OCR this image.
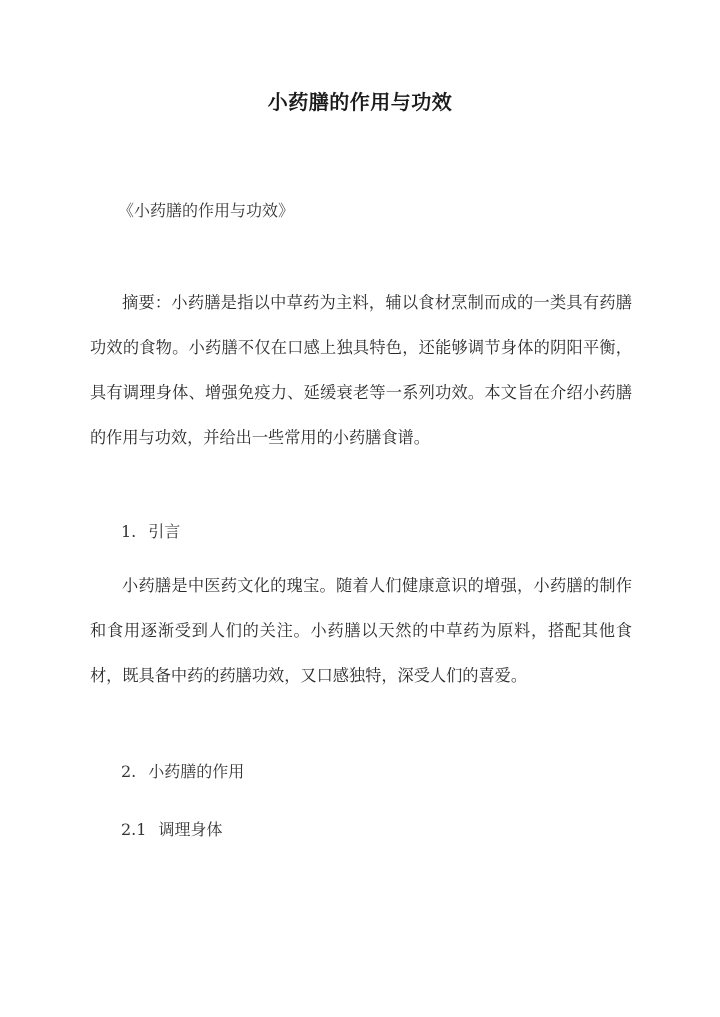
小药膳的作用与功效
《小药膳的作用与功效》

摘要：小药膳是指以中草药为主料，辅以食材烹制而成的一类具有药膳功效的食物。小药膳不仅在口感上独具特色，还能够调节身体的阴阳平衡，具有调理身体、增强免疫力、延缓衰老等一系列功效。本文旨在介绍小药膳的作用与功效，并给出一些常用的小药膳食谱。

1. 引言

小药膳是中医药文化的瑰宝。随着人们健康意识的增强，小药膳的制作和食用逐渐受到人们的关注。小药膳以天然的中草药为原料，搭配其他食材，既具备中药的药膳功效，又口感独特，深受人们的喜爱。

2. 小药膳的作用
2.1 调理身体
